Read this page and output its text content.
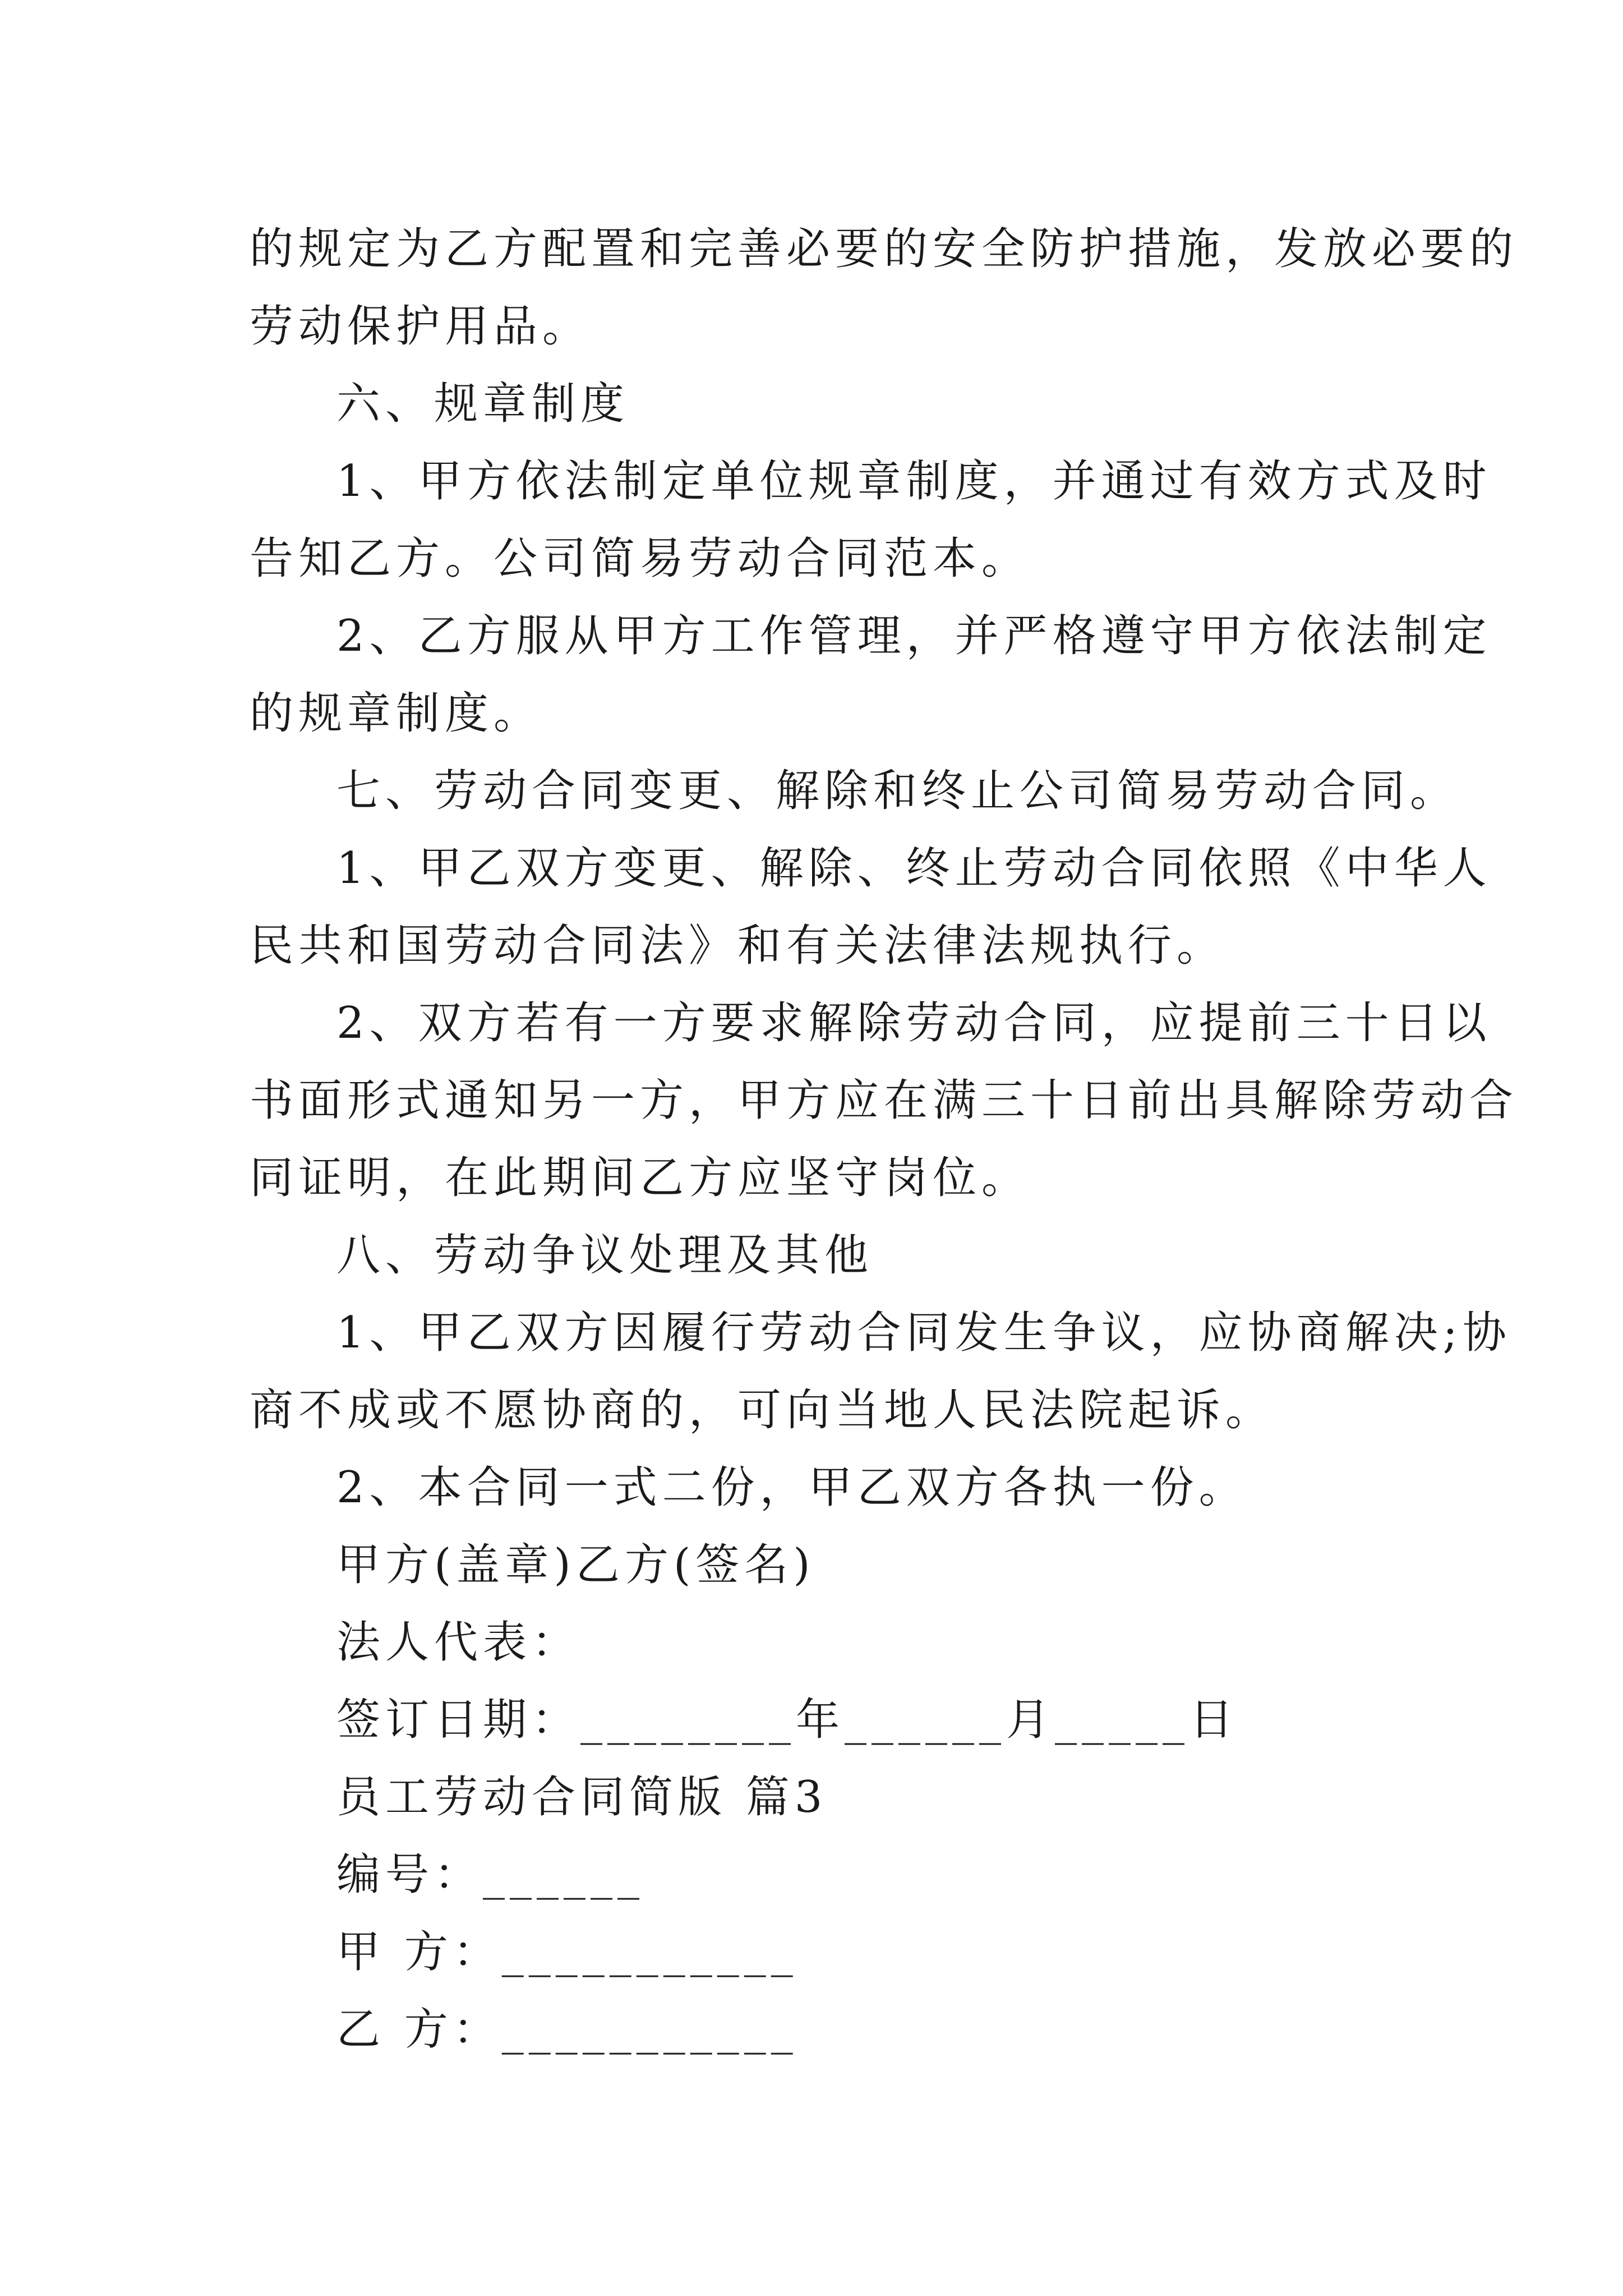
的规定为乙方配置和完善必要的安全防护措施，发放必要的
劳动保护用品。
六、规章制度
1、甲方依法制定单位规章制度，并通过有效方式及时
告知乙方。公司简易劳动合同范本。
2、乙方服从甲方工作管理，并严格遵守甲方依法制定
的规章制度。
七、劳动合同变更、解除和终止公司简易劳动合同。
1、甲乙双方变更、解除、终止劳动合同依照《中华人
民共和国劳动合同法》和有关法律法规执行。
2、双方若有一方要求解除劳动合同，应提前三十日以
书面形式通知另一方，甲方应在满三十日前出具解除劳动合
同证明，在此期间乙方应坚守岗位。
八、劳动争议处理及其他
1、甲乙双方因履行劳动合同发生争议，应协商解决;协
商不成或不愿协商的，可向当地人民法院起诉。
2、本合同一式二份，甲乙双方各执一份。
甲方(盖章)乙方(签名)
法人代表：
签订日期：________年______月_____日
员工劳动合同简版 篇3
编号：______
甲 方：___________
乙 方：___________
